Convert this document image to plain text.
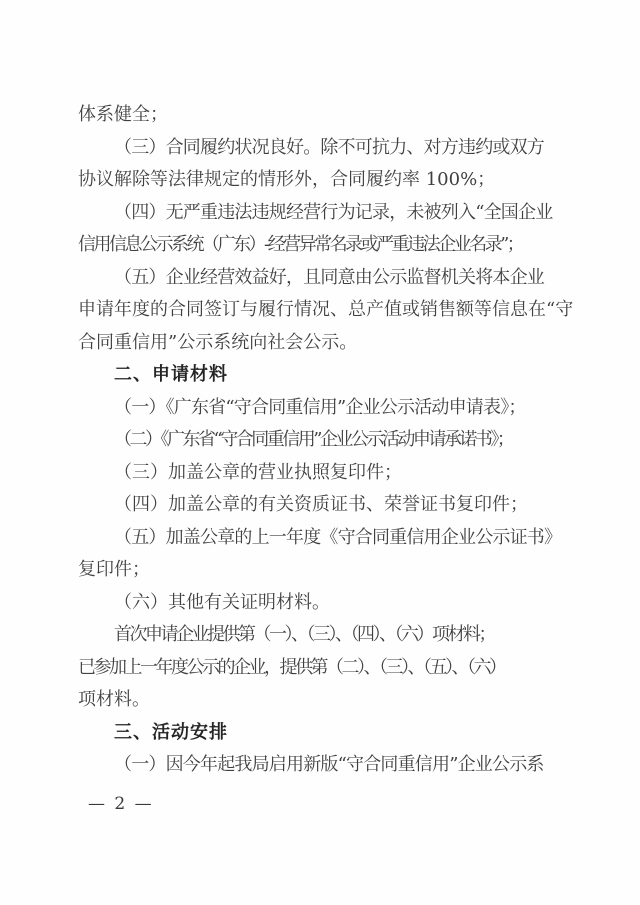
体系健全；
（三）合同履约状况良好。除不可抗力、对方违约或双方
协议解除等法律规定的情形外，合同履约率 100%；
（四）无严重违法违规经营行为记录，未被列入“全国企业
信用信息公示系统（广东）-经营异常名录或严重违法企业名录”；
（五）企业经营效益好，且同意由公示监督机关将本企业
申请年度的合同签订与履行情况、总产值或销售额等信息在“守
合同重信用”公示系统向社会公示。
二、申请材料
（一）《广东省“守合同重信用”企业公示活动申请表》；
（二）《广东省“守合同重信用”企业公示活动申请承诺书》；
（三）加盖公章的营业执照复印件；
（四）加盖公章的有关资质证书、荣誉证书复印件；
（五）加盖公章的上一年度《守合同重信用企业公示证书》
复印件；
（六）其他有关证明材料。
首次申请企业提供第（一）、（三）、（四）、（六）项材料；
已参加上一年度公示的企业，提供第（二）、（三）、（五）、（六）
项材料。
三、活动安排
（一）因今年起我局启用新版“守合同重信用”企业公示系
— 2 —
